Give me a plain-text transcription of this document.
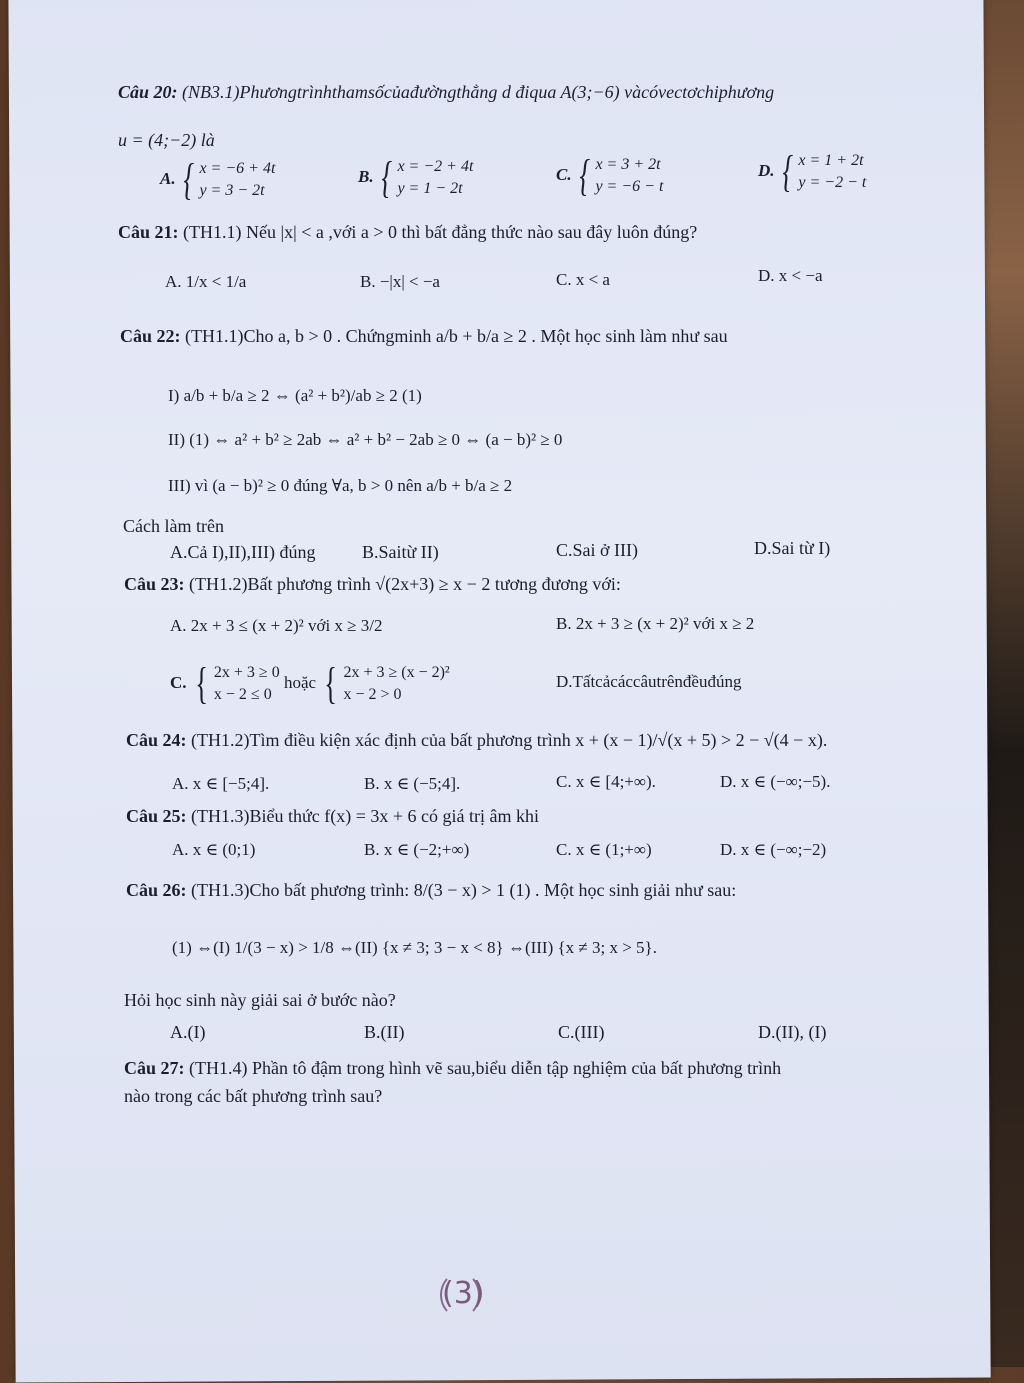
Câu 20: (NB3.1)Phươngtrìnhthamsốcủađườngthẳng d điqua A(3;−6) vàcóvectơchiphương
u = (4;−2) là
A. { x = −6 + 4t
y = 3 − 2t
B. { x = −2 + 4t
y = 1 − 2t
C. { x = 3 + 2t
y = −6 − t
D. { x = 1 + 2t
y = −2 − t
Câu 21: (TH1.1) Nếu |x| < a ,với a > 0 thì bất đẳng thức nào sau đây luôn đúng?
A. 1/x < 1/a	B. −|x| < −a	C. x < a	D. x < −a
Câu 22: (TH1.1)Cho a, b > 0 . Chứngminh a/b + b/a ≥ 2 . Một học sinh làm như sau
I) a/b + b/a ≥ 2 ⇔ (a² + b²)/ab ≥ 2 (1)
II) (1) ⇔ a² + b² ≥ 2ab ⇔ a² + b² − 2ab ≥ 0 ⇔ (a − b)² ≥ 0
III) vì (a − b)² ≥ 0 đúng ∀a, b > 0 nên a/b + b/a ≥ 2
Cách làm trên
A.Cả I),II),III) đúng	B.Saitừ II)	C.Sai ở III)	D.Sai từ I)
Câu 23: (TH1.2)Bất phương trình √(2x+3) ≥ x − 2 tương đương với:
A. 2x + 3 ≤ (x + 2)² với x ≥ 3/2	B. 2x + 3 ≥ (x + 2)² với x ≥ 2
C. { 2x + 3 ≥ 0
x − 2 ≤ 0
hoặc { 2x + 3 ≥ (x − 2)²
x − 2 > 0
D.Tấtcảcáccâutrênđềuđúng
Câu 24: (TH1.2)Tìm điều kiện xác định của bất phương trình x + (x − 1)/√(x + 5) > 2 − √(4 − x).
A. x ∈ [−5;4].	B. x ∈ (−5;4].	C. x ∈ [4;+∞).	D. x ∈ (−∞;−5).
Câu 25: (TH1.3)Biểu thức f(x) = 3x + 6 có giá trị âm khi
A. x ∈ (0;1)	B. x ∈ (−2;+∞)	C. x ∈ (1;+∞)	D. x ∈ (−∞;−2)
Câu 26: (TH1.3)Cho bất phương trình: 8/(3 − x) > 1 (1) . Một học sinh giải như sau:
(1) ⇔(I) 1/(3 − x) > 1/8 ⇔(II) {x ≠ 3; 3 − x < 8} ⇔(III) {x ≠ 3; x > 5}.
Hỏi học sinh này giải sai ở bước nào?
A.(I)	B.(II)	C.(III)	D.(II), (I)
Câu 27: (TH1.4) Phần tô đậm trong hình vẽ sau,biểu diễn tập nghiệm của bất phương trình
nào trong các bất phương trình sau?
(3)
